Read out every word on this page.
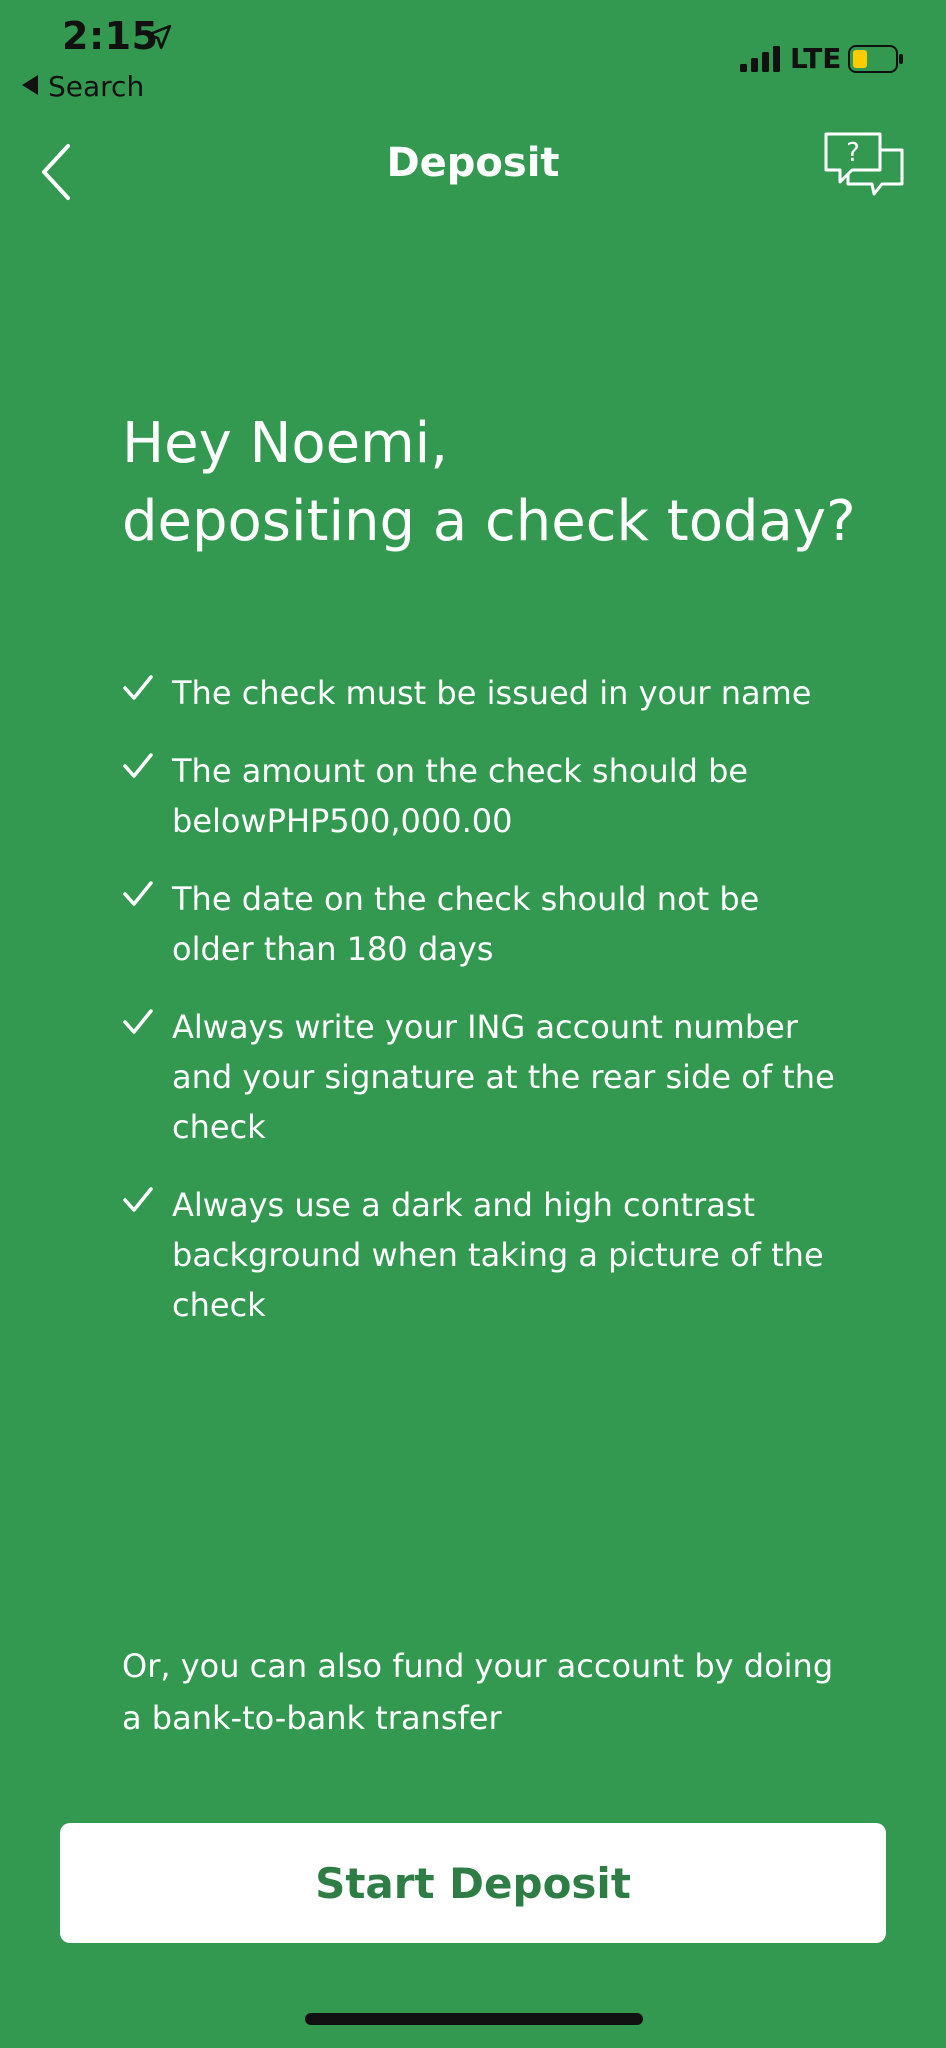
2:15
Search
LTE
Deposit	?
Hey Noemi,
depositing a check today?
The check must be issued in your name
The amount on the check should be belowPHP500,000.00
The date on the check should not be older than 180 days
Always write your ING account number and your signature at the rear side of the check
Always use a dark and high contrast background when taking a picture of the check
Or, you can also fund your account by doing a bank-to-bank transfer
Start Deposit
